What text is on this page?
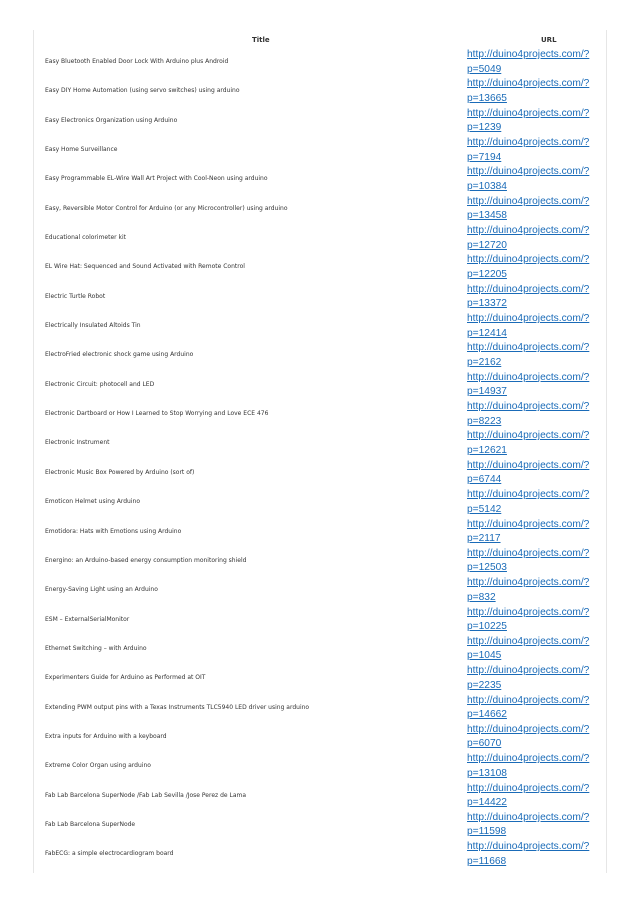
Title	URL
Easy Bluetooth Enabled Door Lock With Arduino plus Android
http://duino4projects.com/?
p=5049
Easy DIY Home Automation (using servo switches) using arduino
http://duino4projects.com/?
p=13665
Easy Electronics Organization using Arduino
http://duino4projects.com/?
p=1239
Easy Home Surveillance
http://duino4projects.com/?
p=7194
Easy Programmable EL-Wire Wall Art Project with Cool-Neon using arduino
http://duino4projects.com/?
p=10384
Easy, Reversible Motor Control for Arduino (or any Microcontroller) using arduino
http://duino4projects.com/?
p=13458
Educational colorimeter kit
http://duino4projects.com/?
p=12720
EL Wire Hat: Sequenced and Sound Activated with Remote Control
http://duino4projects.com/?
p=12205
Electric Turtle Robot
http://duino4projects.com/?
p=13372
Electrically Insulated Altoids Tin
http://duino4projects.com/?
p=12414
ElectroFried electronic shock game using Arduino
http://duino4projects.com/?
p=2162
Electronic Circuit: photocell and LED
http://duino4projects.com/?
p=14937
Electronic Dartboard or How I Learned to Stop Worrying and Love ECE 476
http://duino4projects.com/?
p=8223
Electronic Instrument
http://duino4projects.com/?
p=12621
Electronic Music Box Powered by Arduino (sort of)
http://duino4projects.com/?
p=6744
Emoticon Helmet using Arduino
http://duino4projects.com/?
p=5142
Emotidora: Hats with Emotions using Arduino
http://duino4projects.com/?
p=2117
Energino: an Arduino-based energy consumption monitoring shield
http://duino4projects.com/?
p=12503
Energy-Saving Light using an Arduino
http://duino4projects.com/?
p=832
ESM – ExternalSerialMonitor
http://duino4projects.com/?
p=10225
Ethernet Switching – with Arduino
http://duino4projects.com/?
p=1045
Experimenters Guide for Arduino as Performed at OIT
http://duino4projects.com/?
p=2235
Extending PWM output pins with a Texas Instruments TLC5940 LED driver using arduino
http://duino4projects.com/?
p=14662
Extra inputs for Arduino with a keyboard
http://duino4projects.com/?
p=6070
Extreme Color Organ using arduino
http://duino4projects.com/?
p=13108
Fab Lab Barcelona SuperNode /Fab Lab Sevilla /Jose Perez de Lama
http://duino4projects.com/?
p=14422
Fab Lab Barcelona SuperNode
http://duino4projects.com/?
p=11598
FabECG: a simple electrocardiogram board
http://duino4projects.com/?
p=11668
